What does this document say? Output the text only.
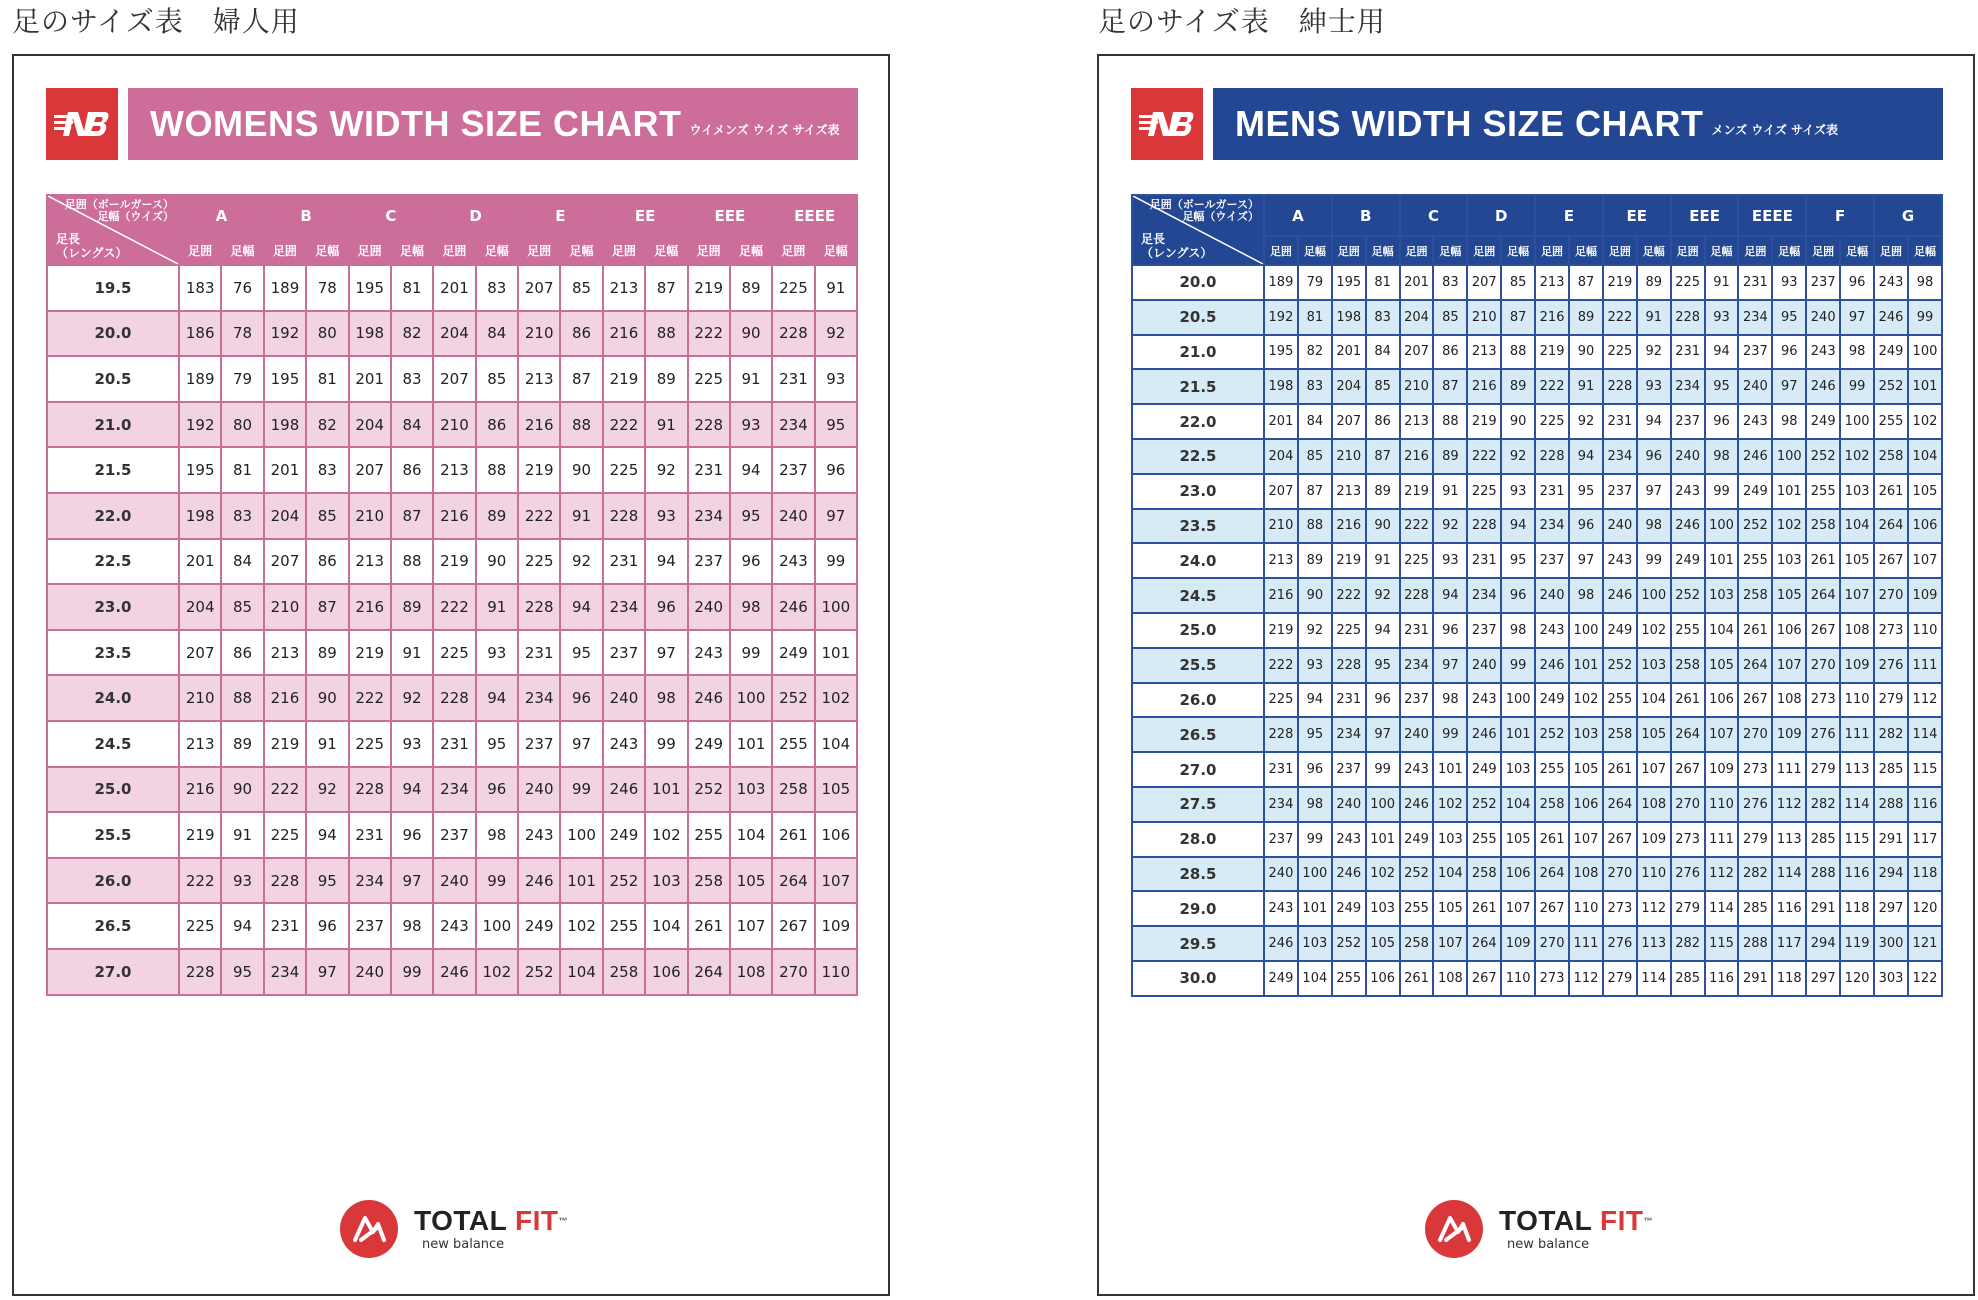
足のサイズ表　婦人用	足のサイズ表　紳士用
WOMENS WIDTH SIZE CHART ウイメンズ ウイズ サイズ表
足囲（ボールガース）
足幅（ウイズ）
足長
（レングス）	A		B		C		D		E		EE		EEE		EEEE	
	足囲	足幅	足囲	足幅	足囲	足幅	足囲	足幅	足囲	足幅	足囲	足幅	足囲	足幅	足囲	足幅
19.5	183	76	189	78	195	81	201	83	207	85	213	87	219	89	225	91
20.0	186	78	192	80	198	82	204	84	210	86	216	88	222	90	228	92
20.5	189	79	195	81	201	83	207	85	213	87	219	89	225	91	231	93
21.0	192	80	198	82	204	84	210	86	216	88	222	91	228	93	234	95
21.5	195	81	201	83	207	86	213	88	219	90	225	92	231	94	237	96
22.0	198	83	204	85	210	87	216	89	222	91	228	93	234	95	240	97
22.5	201	84	207	86	213	88	219	90	225	92	231	94	237	96	243	99
23.0	204	85	210	87	216	89	222	91	228	94	234	96	240	98	246	100
23.5	207	86	213	89	219	91	225	93	231	95	237	97	243	99	249	101
24.0	210	88	216	90	222	92	228	94	234	96	240	98	246	100	252	102
24.5	213	89	219	91	225	93	231	95	237	97	243	99	249	101	255	104
25.0	216	90	222	92	228	94	234	96	240	99	246	101	252	103	258	105
25.5	219	91	225	94	231	96	237	98	243	100	249	102	255	104	261	106
26.0	222	93	228	95	234	97	240	99	246	101	252	103	258	105	264	107
26.5	225	94	231	96	237	98	243	100	249	102	255	104	261	107	267	109
27.0	228	95	234	97	240	99	246	102	252	104	258	106	264	108	270	110
TOTAL FIT™
new balance
MENS WIDTH SIZE CHART メンズ ウイズ サイズ表
足囲（ボールガース）
足幅（ウイズ）
足長
（レングス）	A		B		C		D		E		EE		EEE		EEEE		F		G	
	足囲	足幅	足囲	足幅	足囲	足幅	足囲	足幅	足囲	足幅	足囲	足幅	足囲	足幅	足囲	足幅	足囲	足幅	足囲	足幅
20.0	189	79	195	81	201	83	207	85	213	87	219	89	225	91	231	93	237	96	243	98
20.5	192	81	198	83	204	85	210	87	216	89	222	91	228	93	234	95	240	97	246	99
21.0	195	82	201	84	207	86	213	88	219	90	225	92	231	94	237	96	243	98	249	100
21.5	198	83	204	85	210	87	216	89	222	91	228	93	234	95	240	97	246	99	252	101
22.0	201	84	207	86	213	88	219	90	225	92	231	94	237	96	243	98	249	100	255	102
22.5	204	85	210	87	216	89	222	92	228	94	234	96	240	98	246	100	252	102	258	104
23.0	207	87	213	89	219	91	225	93	231	95	237	97	243	99	249	101	255	103	261	105
23.5	210	88	216	90	222	92	228	94	234	96	240	98	246	100	252	102	258	104	264	106
24.0	213	89	219	91	225	93	231	95	237	97	243	99	249	101	255	103	261	105	267	107
24.5	216	90	222	92	228	94	234	96	240	98	246	100	252	103	258	105	264	107	270	109
25.0	219	92	225	94	231	96	237	98	243	100	249	102	255	104	261	106	267	108	273	110
25.5	222	93	228	95	234	97	240	99	246	101	252	103	258	105	264	107	270	109	276	111
26.0	225	94	231	96	237	98	243	100	249	102	255	104	261	106	267	108	273	110	279	112
26.5	228	95	234	97	240	99	246	101	252	103	258	105	264	107	270	109	276	111	282	114
27.0	231	96	237	99	243	101	249	103	255	105	261	107	267	109	273	111	279	113	285	115
27.5	234	98	240	100	246	102	252	104	258	106	264	108	270	110	276	112	282	114	288	116
28.0	237	99	243	101	249	103	255	105	261	107	267	109	273	111	279	113	285	115	291	117
28.5	240	100	246	102	252	104	258	106	264	108	270	110	276	112	282	114	288	116	294	118
29.0	243	101	249	103	255	105	261	107	267	110	273	112	279	114	285	116	291	118	297	120
29.5	246	103	252	105	258	107	264	109	270	111	276	113	282	115	288	117	294	119	300	121
30.0	249	104	255	106	261	108	267	110	273	112	279	114	285	116	291	118	297	120	303	122
TOTAL FIT™
new balance
